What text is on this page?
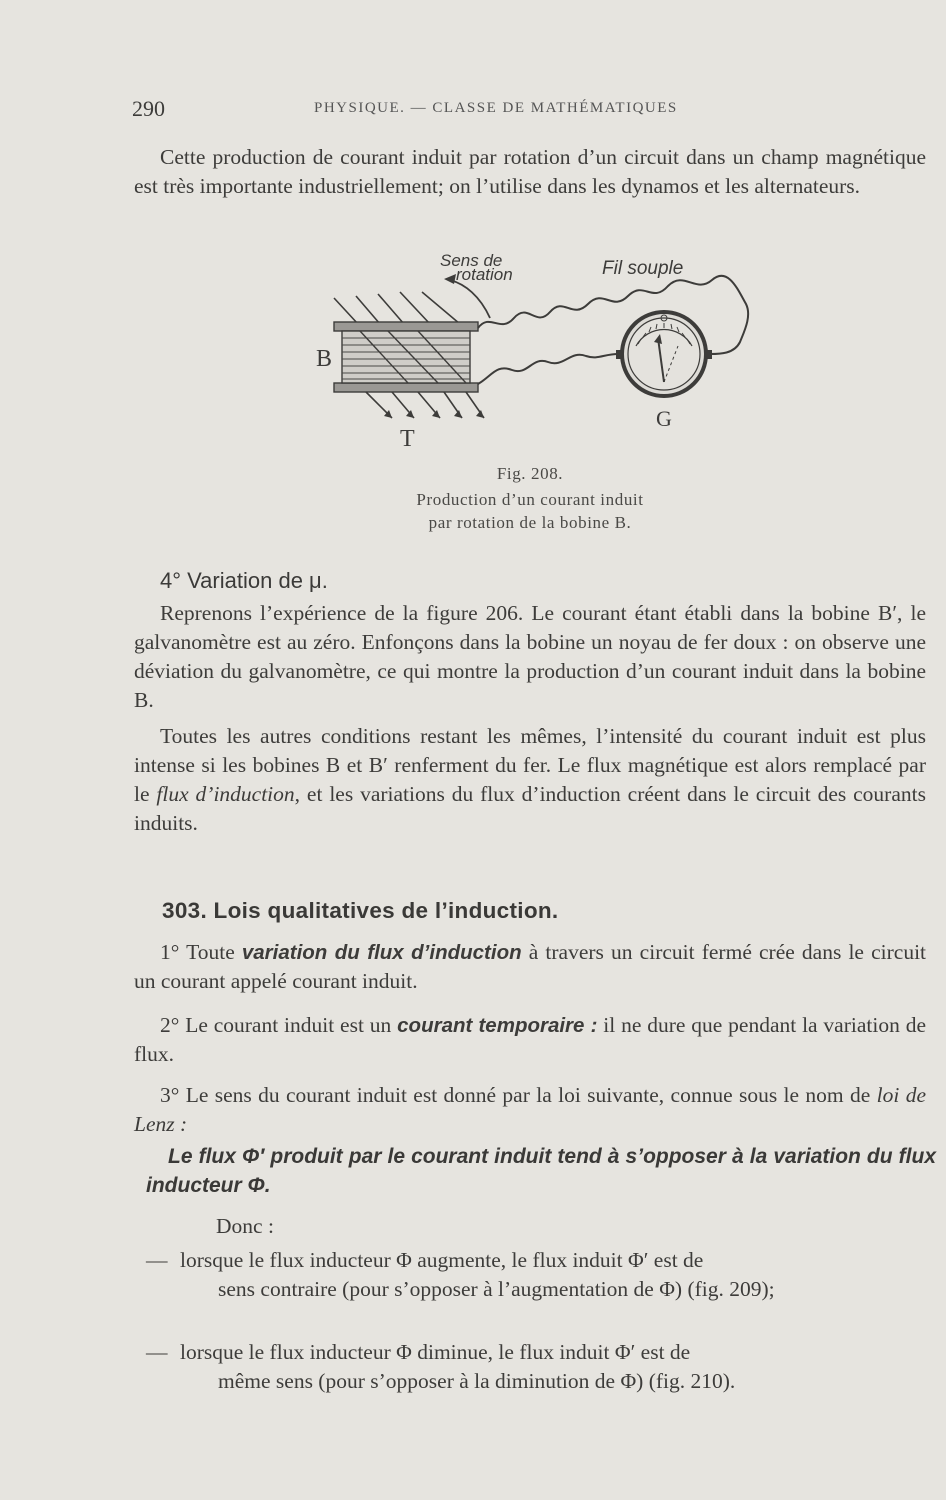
290	PHYSIQUE. — CLASSE DE MATHÉMATIQUES

Cette production de courant induit par rotation d’un circuit dans un champ magnétique est très importante industriellement; on l’utilise dans les dynamos et les alternateurs.

Sens de
rotation	Fil souple
B
T
G
Fig. 208.
Production d’un courant induit
par rotation de la bobine B.
4° Variation de μ.

Reprenons l’expérience de la figure 206. Le courant étant établi dans la bobine B′, le galvanomètre est au zéro. Enfonçons dans la bobine un noyau de fer doux : on observe une déviation du galvanomètre, ce qui montre la production d’un courant induit dans la bobine B.

Toutes les autres conditions restant les mêmes, l’intensité du courant induit est plus intense si les bobines B et B′ renferment du fer. Le flux magnétique est alors remplacé par le flux d’induction, et les variations du flux d’induction créent dans le circuit des courants induits.

303. Lois qualitatives de l’induction.

1° Toute variation du flux d’induction à travers un circuit fermé crée dans le circuit un courant appelé courant induit.

2° Le courant induit est un courant temporaire : il ne dure que pendant la variation de flux.

3° Le sens du courant induit est donné par la loi suivante, connue sous le nom de loi de Lenz :

Le flux Φ′ produit par le courant induit tend à s’opposer à la variation du flux inducteur Φ.

Donc :
— lorsque le flux inducteur Φ augmente, le flux induit Φ′ est de
sens contraire (pour s’opposer à l’augmentation de Φ) (fig. 209);
— lorsque le flux inducteur Φ diminue, le flux induit Φ′ est de
même sens (pour s’opposer à la diminution de Φ) (fig. 210).
